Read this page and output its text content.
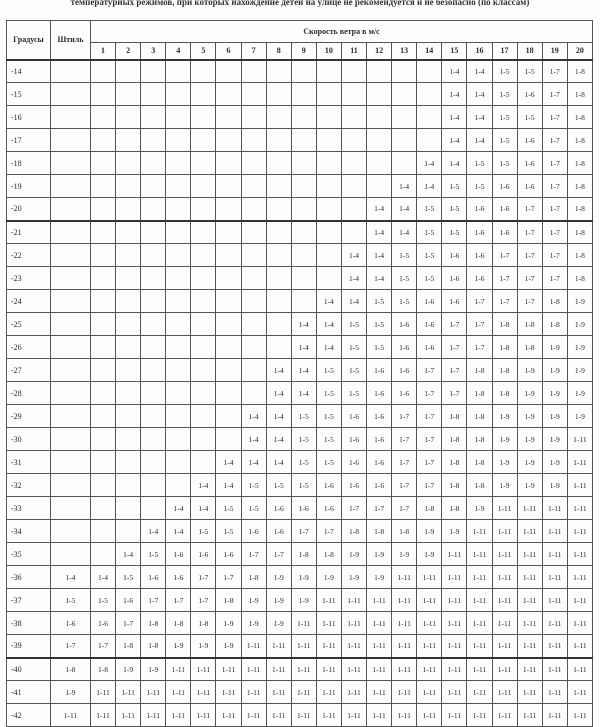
температурных режимов, при которых нахождение детей на улице не рекомендуется и не безопасно (по классам)
Градусы	Штиль	Скорость ветра в м/с																			
		1	2	3	4	5	6	7	8	9	10	11	12	13	14	15	16	17	18	19	20
-14																1-4	1-4	1-5	1-5	1-7	1-8
-15																1-4	1-4	1-5	1-6	1-7	1-8
-16																1-4	1-4	1-5	1-5	1-7	1-8
-17																1-4	1-4	1-5	1-6	1-7	1-8
-18															1-4	1-4	1-5	1-5	1-6	1-7	1-8
-19														1-4	1-4	1-5	1-5	1-6	1-6	1-7	1-8
-20													1-4	1-4	1-5	1-5	1-6	1-6	1-7	1-7	1-8
-21													1-4	1-4	1-5	1-5	1-6	1-6	1-7	1-7	1-8
-22												1-4	1-4	1-5	1-5	1-6	1-6	1-7	1-7	1-7	1-8
-23												1-4	1-4	1-5	1-5	1-6	1-6	1-7	1-7	1-7	1-8
-24											1-4	1-4	1-5	1-5	1-6	1-6	1-7	1-7	1-7	1-8	1-9
-25										1-4	1-4	1-5	1-5	1-6	1-6	1-7	1-7	1-8	1-8	1-8	1-9
-26										1-4	1-4	1-5	1-5	1-6	1-6	1-7	1-7	1-8	1-8	1-9	1-9
-27									1-4	1-4	1-5	1-5	1-6	1-6	1-7	1-7	1-8	1-8	1-9	1-9	1-9
-28									1-4	1-4	1-5	1-5	1-6	1-6	1-7	1-7	1-8	1-8	1-9	1-9	1-9
-29								1-4	1-4	1-5	1-5	1-6	1-6	1-7	1-7	1-8	1-8	1-9	1-9	1-9	1-9
-30								1-4	1-4	1-5	1-5	1-6	1-6	1-7	1-7	1-8	1-8	1-9	1-9	1-9	1-11
-31							1-4	1-4	1-4	1-5	1-5	1-6	1-6	1-7	1-7	1-8	1-8	1-9	1-9	1-9	1-11
-32						1-4	1-4	1-5	1-5	1-5	1-6	1-6	1-6	1-7	1-7	1-8	1-8	1-9	1-9	1-9	1-11
-33					1-4	1-4	1-5	1-5	1-6	1-6	1-6	1-7	1-7	1-7	1-8	1-8	1-9	1-11	1-11	1-11	1-11
-34				1-4	1-4	1-5	1-5	1-6	1-6	1-7	1-7	1-8	1-8	1-8	1-9	1-9	1-11	1-11	1-11	1-11	1-11
-35			1-4	1-5	1-6	1-6	1-6	1-7	1-7	1-8	1-8	1-9	1-9	1-9	1-9	1-11	1-11	1-11	1-11	1-11	1-11
-36	1-4	1-4	1-5	1-6	1-6	1-7	1-7	1-8	1-9	1-9	1-9	1-9	1-9	1-11	1-11	1-11	1-11	1-11	1-11	1-11	1-11
-37	1-5	1-5	1-6	1-7	1-7	1-7	1-8	1-9	1-9	1-9	1-11	1-11	1-11	1-11	1-11	1-11	1-11	1-11	1-11	1-11	1-11
-38	1-6	1-6	1-7	1-8	1-8	1-8	1-9	1-9	1-9	1-11	1-11	1-11	1-11	1-11	1-11	1-11	1-11	1-11	1-11	1-11	1-11
-39	1-7	1-7	1-8	1-8	1-9	1-9	1-9	1-11	1-11	1-11	1-11	1-11	1-11	1-11	1-11	1-11	1-11	1-11	1-11	1-11	1-11
-40	1-8	1-8	1-9	1-9	1-11	1-11	1-11	1-11	1-11	1-11	1-11	1-11	1-11	1-11	1-11	1-11	1-11	1-11	1-11	1-11	1-11
-41	1-9	1-11	1-11	1-11	1-11	1-11	1-11	1-11	1-11	1-11	1-11	1-11	1-11	1-11	1-11	1-11	1-11	1-11	1-11	1-11	1-11
-42	1-11	1-11	1-11	1-11	1-11	1-11	1-11	1-11	1-11	1-11	1-11	1-11	1-11	1-11	1-11	1-11	1-11	1-11	1-11	1-11	1-11
